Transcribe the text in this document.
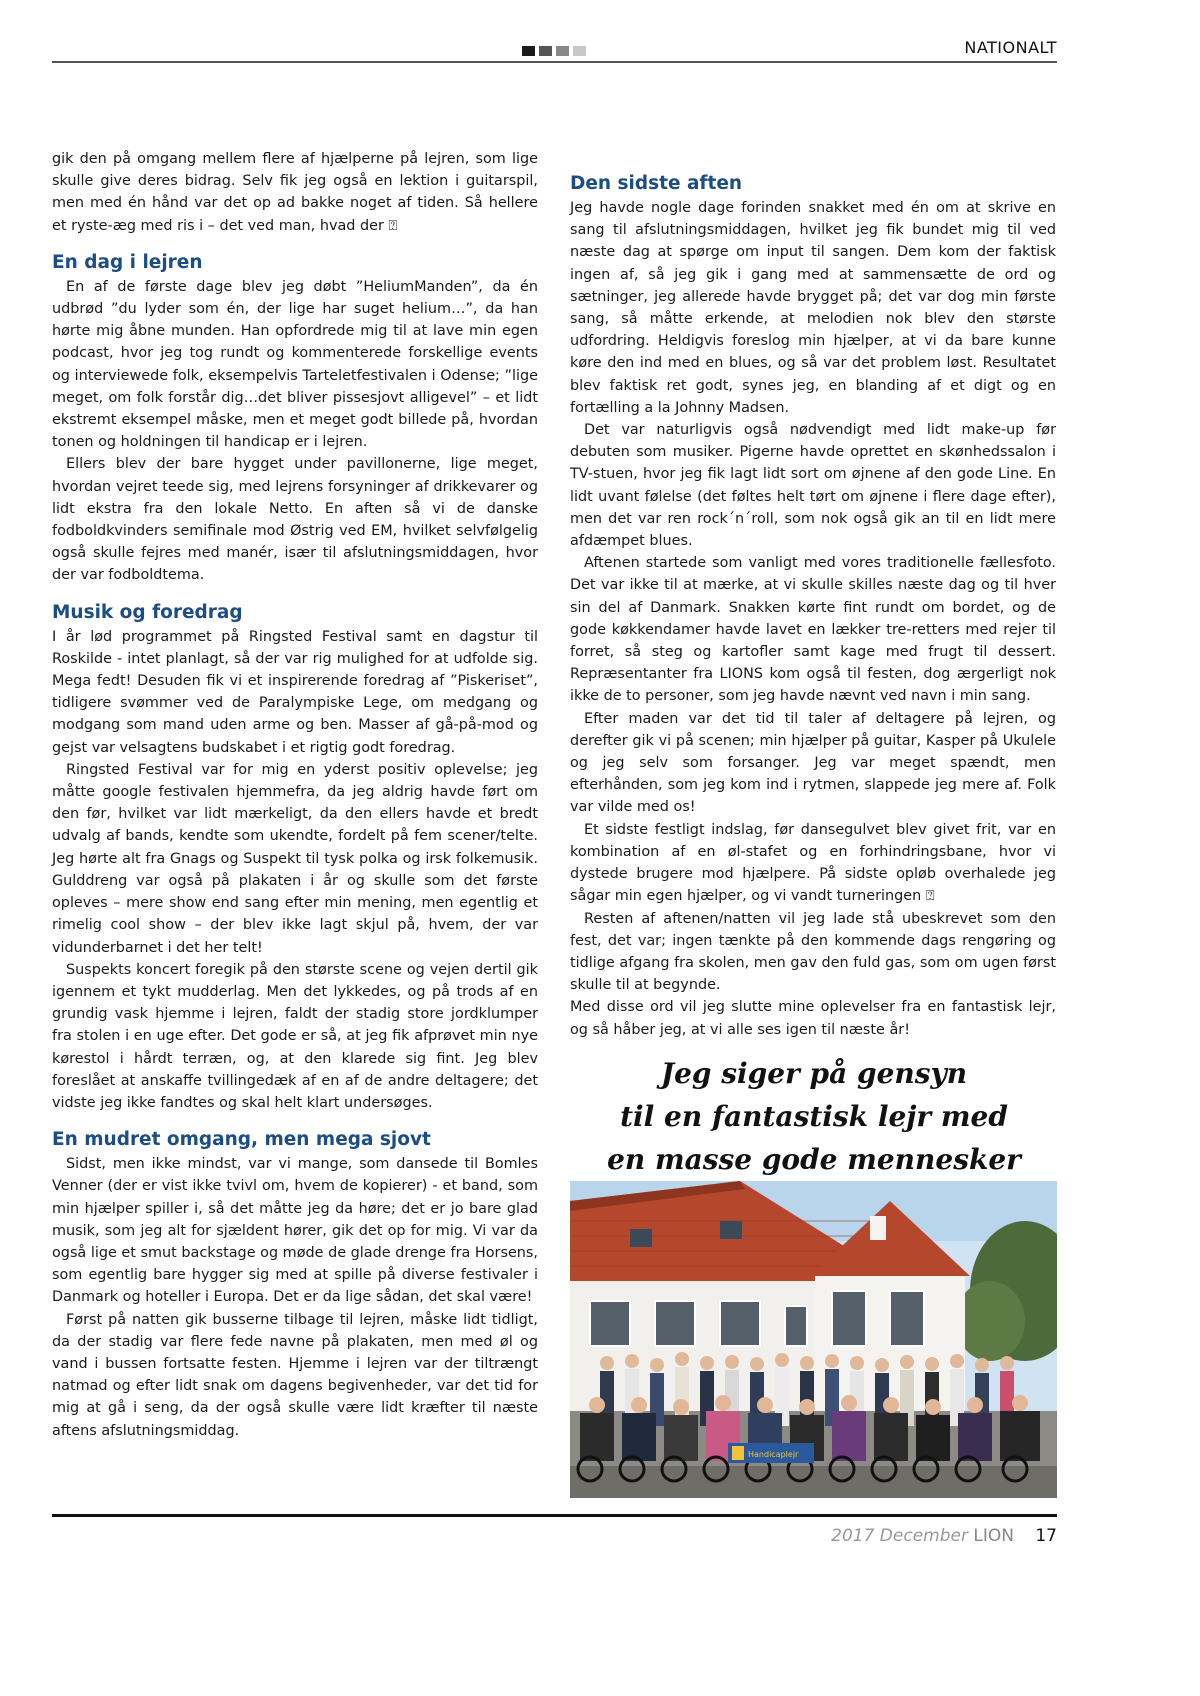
NATIONALT

gik den på omgang mellem flere af hjælperne på lejren, som lige skulle give deres bidrag. Selv fik jeg også en lektion i guitarspil, men med én hånd var det op ad bakke noget af tiden. Så hellere et ryste-æg med ris i – det ved man, hvad der ⍰

En dag i lejren

En af de første dage blev jeg døbt ”HeliumManden”, da én udbrød ”du lyder som én, der lige har suget helium…”, da han hørte mig åbne munden. Han opfordrede mig til at lave min egen podcast, hvor jeg tog rundt og kommenterede forskellige events og interviewede folk, eksempelvis Tarteletfestivalen i Odense; ”lige meget, om folk forstår dig…det bliver pissesjovt alligevel” – et lidt ekstremt eksempel måske, men et meget godt billede på, hvordan tonen og holdningen til handicap er i lejren.

Ellers blev der bare hygget under pavillonerne, lige meget, hvordan vejret teede sig, med lejrens forsyninger af drikkevarer og lidt ekstra fra den lokale Netto. En aften så vi de danske fodboldkvinders semifinale mod Østrig ved EM, hvilket selvfølgelig også skulle fejres med manér, især til afslutningsmiddagen, hvor der var fodboldtema.

Musik og foredrag

I år lød programmet på Ringsted Festival samt en dagstur til Roskilde - intet planlagt, så der var rig mulighed for at udfolde sig. Mega fedt! Desuden fik vi et inspirerende foredrag af ”Piskeriset”, tidligere svømmer ved de Paralympiske Lege, om medgang og modgang som mand uden arme og ben. Masser af gå-på-mod og gejst var velsagtens budskabet i et rigtig godt foredrag.

Ringsted Festival var for mig en yderst positiv oplevelse; jeg måtte google festivalen hjemmefra, da jeg aldrig havde ført om den før, hvilket var lidt mærkeligt, da den ellers havde et bredt udvalg af bands, kendte som ukendte, fordelt på fem scener/telte. Jeg hørte alt fra Gnags og Suspekt til tysk polka og irsk folkemusik. Gulddreng var også på plakaten i år og skulle som det første opleves – mere show end sang efter min mening, men egentlig et rimelig cool show – der blev ikke lagt skjul på, hvem, der var vidunderbarnet i det her telt!

Suspekts koncert foregik på den største scene og vejen dertil gik igennem et tykt mudderlag. Men det lykkedes, og på trods af en grundig vask hjemme i lejren, faldt der stadig store jordklumper fra stolen i en uge efter. Det gode er så, at jeg fik afprøvet min nye kørestol i hårdt terræn, og, at den klarede sig fint. Jeg blev foreslået at anskaffe tvillingedæk af en af de andre deltagere; det vidste jeg ikke fandtes og skal helt klart undersøges.

En mudret omgang, men mega sjovt

Sidst, men ikke mindst, var vi mange, som dansede til Bomles Venner (der er vist ikke tvivl om, hvem de kopierer) - et band, som min hjælper spiller i, så det måtte jeg da høre; det er jo bare glad musik, som jeg alt for sjældent hører, gik det op for mig. Vi var da også lige et smut backstage og møde de glade drenge fra Horsens, som egentlig bare hygger sig med at spille på diverse festivaler i Danmark og hoteller i Europa. Det er da lige sådan, det skal være!

Først på natten gik busserne tilbage til lejren, måske lidt tidligt, da der stadig var flere fede navne på plakaten, men med øl og vand i bussen fortsatte festen. Hjemme i lejren var der tiltrængt natmad og efter lidt snak om dagens begivenheder, var det tid for mig at gå i seng, da der også skulle være lidt kræfter til næste aftens afslutningsmiddag.

Den sidste aften

Jeg havde nogle dage forinden snakket med én om at skrive en sang til afslutningsmiddagen, hvilket jeg fik bundet mig til ved næste dag at spørge om input til sangen. Dem kom der faktisk ingen af, så jeg gik i gang med at sammensætte de ord og sætninger, jeg allerede havde brygget på; det var dog min første sang, så måtte erkende, at melodien nok blev den største udfordring. Heldigvis foreslog min hjælper, at vi da bare kunne køre den ind med en blues, og så var det problem løst. Resultatet blev faktisk ret godt, synes jeg, en blanding af et digt og en fortælling a la Johnny Madsen.

Det var naturligvis også nødvendigt med lidt make-up før debuten som musiker. Pigerne havde oprettet en skønhedssalon i TV-stuen, hvor jeg fik lagt lidt sort om øjnene af den gode Line. En lidt uvant følelse (det føltes helt tørt om øjnene i flere dage efter), men det var ren rock´n´roll, som nok også gik an til en lidt mere afdæmpet blues.

Aftenen startede som vanligt med vores traditionelle fællesfoto. Det var ikke til at mærke, at vi skulle skilles næste dag og til hver sin del af Danmark. Snakken kørte fint rundt om bordet, og de gode køkkendamer havde lavet en lækker tre-retters med rejer til forret, så steg og kartofler samt kage med frugt til dessert. Repræsentanter fra LIONS kom også til festen, dog ærgerligt nok ikke de to personer, som jeg havde nævnt ved navn i min sang.

Efter maden var det tid til taler af deltagere på lejren, og derefter gik vi på scenen; min hjælper på guitar, Kasper på Ukulele og jeg selv som forsanger. Jeg var meget spændt, men efterhånden, som jeg kom ind i rytmen, slappede jeg mere af. Folk var vilde med os!

Et sidste festligt indslag, før dansegulvet blev givet frit, var en kombination af en øl-stafet og en forhindringsbane, hvor vi dystede brugere mod hjælpere. På sidste opløb overhalede jeg sågar min egen hjælper, og vi vandt turneringen ⍰

Resten af aftenen/natten vil jeg lade stå ubeskrevet som den fest, det var; ingen tænkte på den kommende dags rengøring og tidlige afgang fra skolen, men gav den fuld gas, som om ugen først skulle til at begynde.

Med disse ord vil jeg slutte mine oplevelser fra en fantastisk lejr, og så håber jeg, at vi alle ses igen til næste år!

Jeg siger på gensyn
til en fantastisk lejr med
en masse gode mennesker
Handicaplejr
2017 December LION 17
